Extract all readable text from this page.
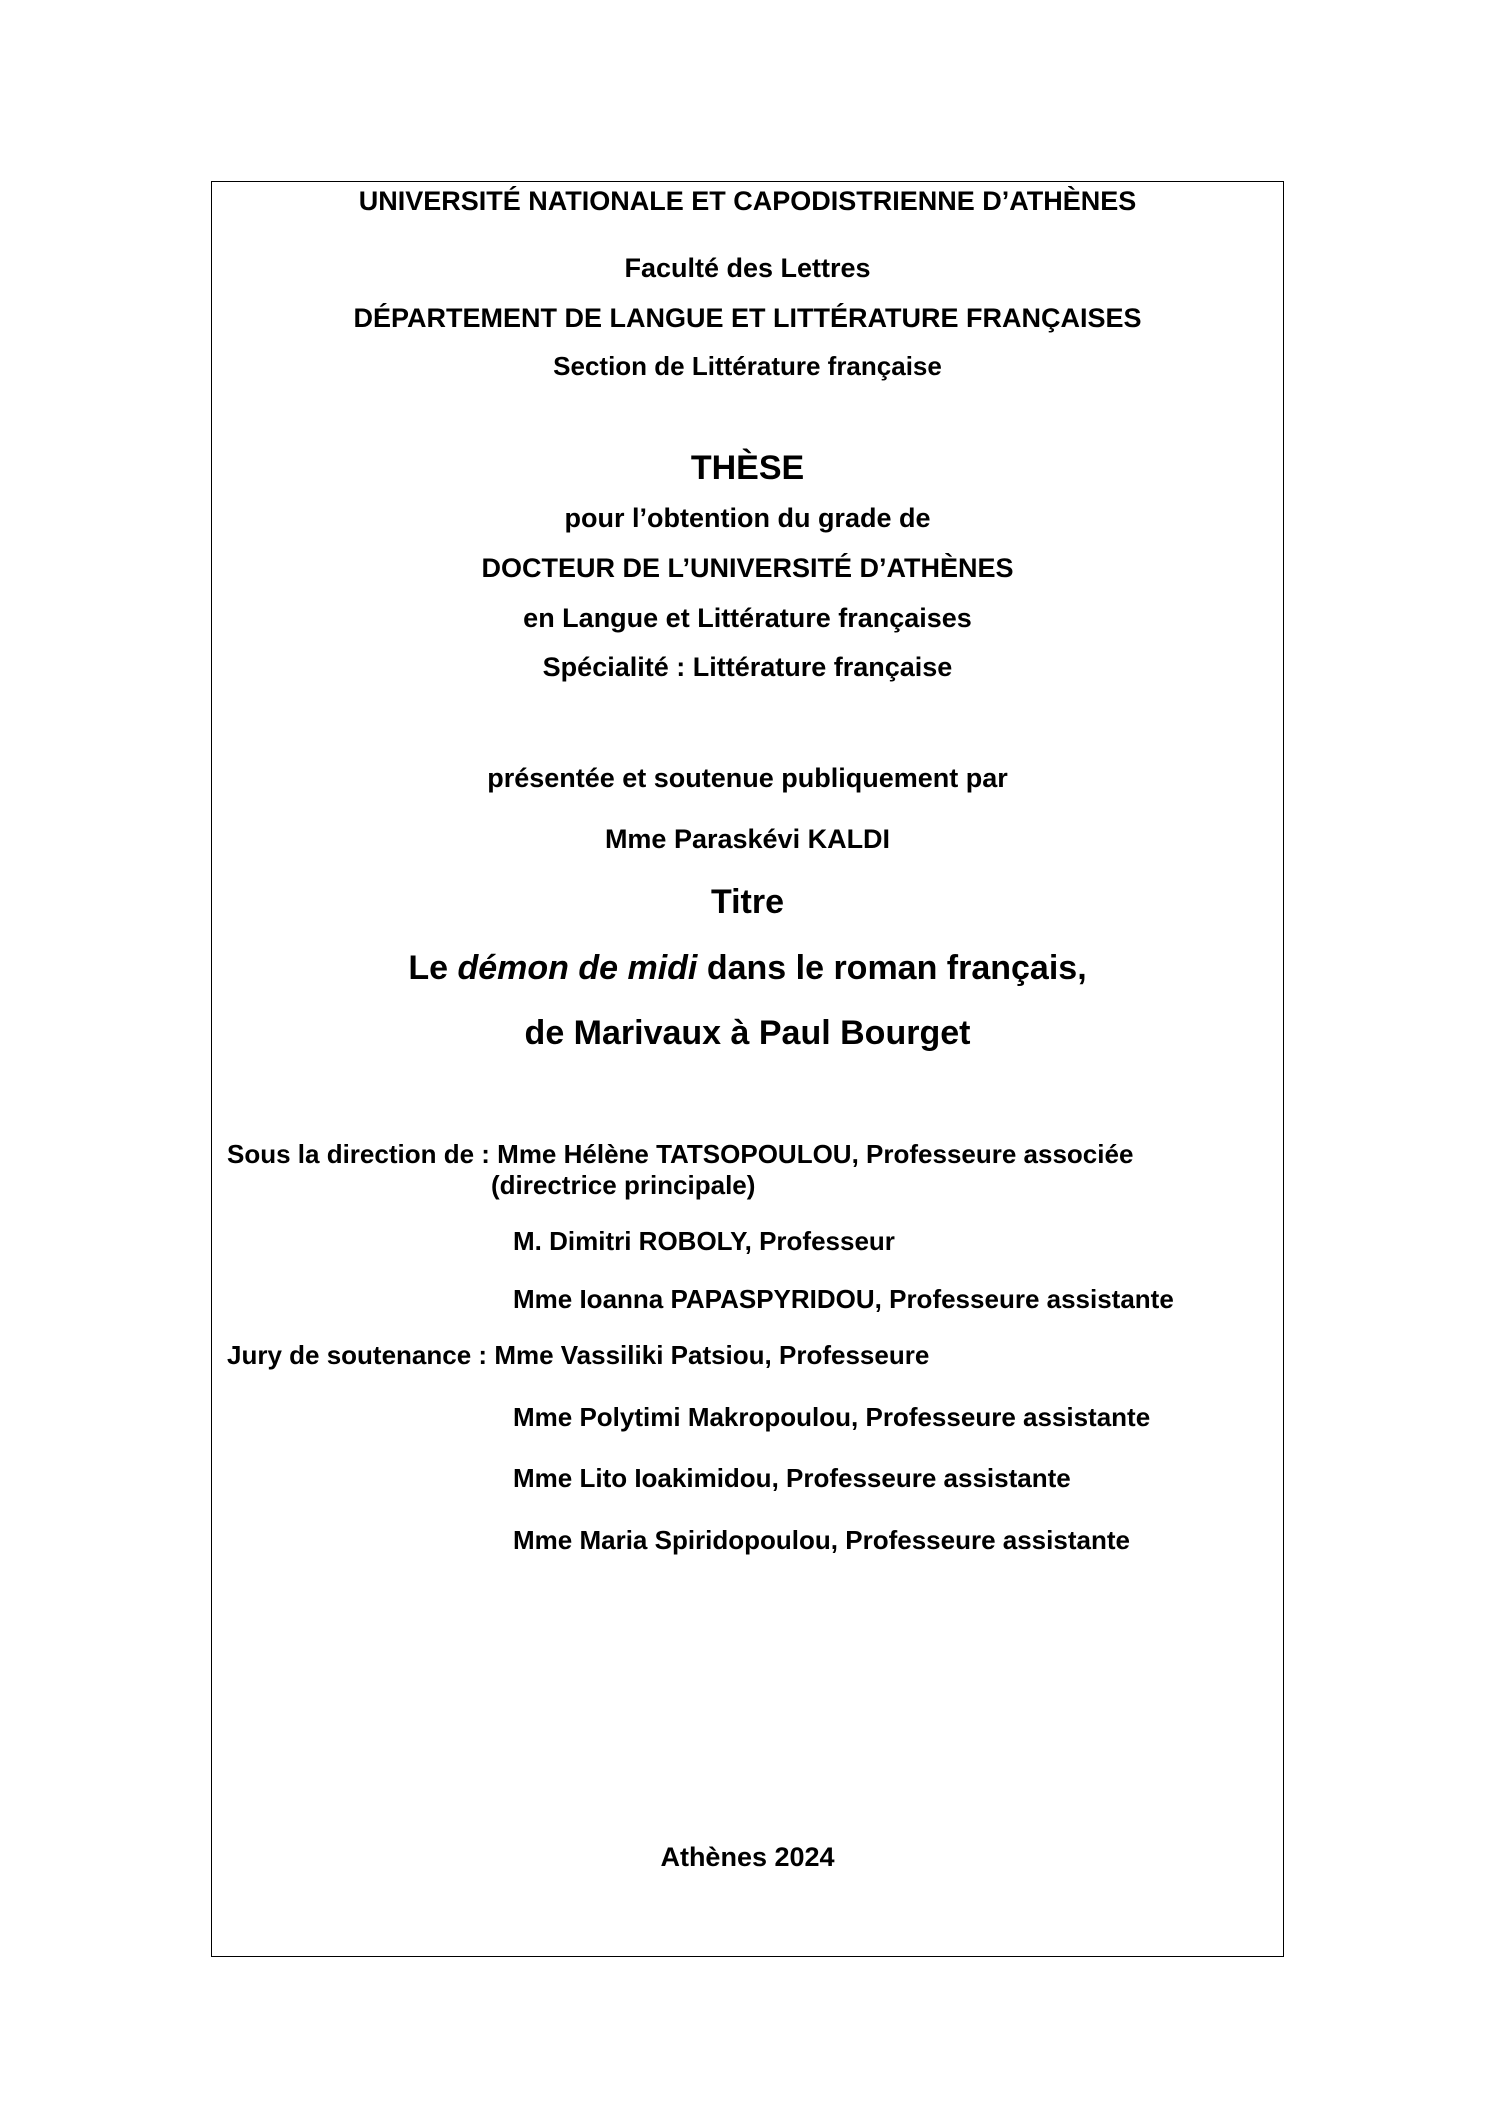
UNIVERSITÉ NATIONALE ET CAPODISTRIENNE D’ATHÈNES
Faculté des Lettres
DÉPARTEMENT DE LANGUE ET LITTÉRATURE FRANÇAISES
Section de Littérature française
THÈSE
pour l’obtention du grade de
DOCTEUR DE L’UNIVERSITÉ D’ATHÈNES
en Langue et Littérature françaises
Spécialité : Littérature française
présentée et soutenue publiquement par
Mme Paraskévi KALDI
Titre
Le démon de midi dans le roman français,
de Marivaux à Paul Bourget
Sous la direction de : Mme Hélène TATSOPOULOU, Professeure associée
(directrice principale)
M. Dimitri ROBOLY, Professeur
Mme Ioanna PAPASPYRIDOU, Professeure assistante
Jury de soutenance : Mme Vassiliki Patsiou, Professeure
Mme Polytimi Makropoulou, Professeure assistante
Mme Lito Ioakimidou, Professeure assistante
Mme Maria Spiridopoulou, Professeure assistante
Athènes 2024
